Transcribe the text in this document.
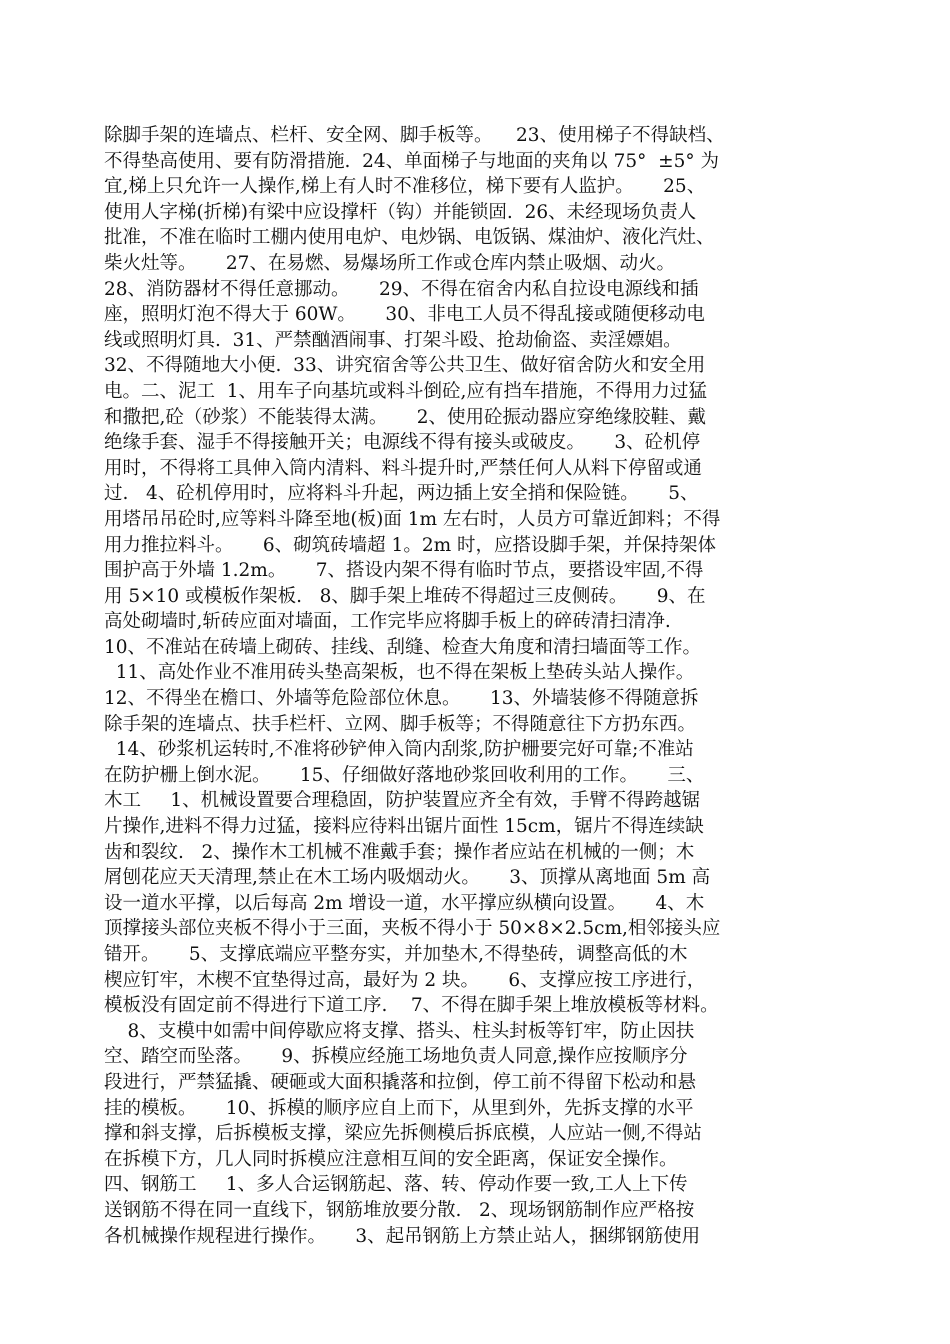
除脚手架的连墙点、栏杆、安全网、脚手板等。    23、使用梯子不得缺档、
不得垫高使用、要有防滑措施.  24、单面梯子与地面的夹角以 75°  ±5° 为
宜,梯上只允许一人操作,梯上有人时不准移位，梯下要有人监护。     25、
使用人字梯(折梯)有梁中应设撑杆（钩）并能锁固.  26、未经现场负责人
批准，不准在临时工棚内使用电炉、电炒锅、电饭锅、煤油炉、液化汽灶、
柴火灶等。     27、在易燃、易爆场所工作或仓库内禁止吸烟、动火。
28、消防器材不得任意挪动。     29、不得在宿舍内私自拉设电源线和插
座，照明灯泡不得大于 60W。     30、非电工人员不得乱接或随便移动电
线或照明灯具.  31、严禁酗酒闹事、打架斗殴、抢劫偷盗、卖淫嫖娼。
32、不得随地大小便.  33、讲究宿舍等公共卫生、做好宿舍防火和安全用
电。二、泥工  1、用车子向基坑或料斗倒砼,应有挡车措施，不得用力过猛
和撒把,砼（砂浆）不能装得太满。     2、使用砼振动器应穿绝缘胶鞋、戴
绝缘手套、湿手不得接触开关；电源线不得有接头或破皮。     3、砼机停
用时，不得将工具伸入筒内清料、料斗提升时,严禁任何人从料下停留或通
过.   4、砼机停用时，应将料斗升起，两边插上安全捎和保险链。     5、
用塔吊吊砼时,应等料斗降至地(板)面 1m 左右时，人员方可靠近卸料；不得
用力推拉料斗。     6、砌筑砖墙超 1。2m 时，应搭设脚手架，并保持架体
围护高于外墙 1.2m。     7、搭设内架不得有临时节点，要搭设牢固,不得
用 5×10 或模板作架板.   8、脚手架上堆砖不得超过三皮侧砖。     9、在
高处砌墙时,斩砖应面对墙面，工作完毕应将脚手板上的碎砖清扫清净.
10、不准站在砖墙上砌砖、挂线、刮缝、检查大角度和清扫墙面等工作。
11、高处作业不准用砖头垫高架板，也不得在架板上垫砖头站人操作。
12、不得坐在檐口、外墙等危险部位休息。     13、外墙装修不得随意拆
除手架的连墙点、扶手栏杆、立网、脚手板等；不得随意往下方扔东西。
14、砂浆机运转时,不准将砂铲伸入筒内刮浆,防护栅要完好可靠;不准站
在防护栅上倒水泥。     15、仔细做好落地砂浆回收利用的工作。     三、
木工     1、机械设置要合理稳固，防护装置应齐全有效，手臂不得跨越锯
片操作,进料不得力过猛，接料应待料出锯片面性 15cm，锯片不得连续缺
齿和裂纹.   2、操作木工机械不准戴手套；操作者应站在机械的一侧；木
屑刨花应天天清理,禁止在木工场内吸烟动火。     3、顶撑从离地面 5m 高
设一道水平撑，以后每高 2m 增设一道，水平撑应纵横向设置。     4、木
顶撑接头部位夹板不得小于三面，夹板不得小于 50×8×2.5cm,相邻接头应
错开。     5、支撑底端应平整夯实，并加垫木,不得垫砖，调整高低的木
楔应钉牢，木楔不宜垫得过高，最好为 2 块。     6、支撑应按工序进行，
模板没有固定前不得进行下道工序.    7、不得在脚手架上堆放模板等材料。
8、支模中如需中间停歇应将支撑、搭头、柱头封板等钉牢，防止因扶
空、踏空而坠落。     9、拆模应经施工场地负责人同意,操作应按顺序分
段进行，严禁猛撬、硬砸或大面积撬落和拉倒，停工前不得留下松动和悬
挂的模板。     10、拆模的顺序应自上而下，从里到外，先拆支撑的水平
撑和斜支撑，后拆模板支撑，梁应先拆侧模后拆底模，人应站一侧,不得站
在拆模下方，几人同时拆模应注意相互间的安全距离，保证安全操作。
四、钢筋工     1、多人合运钢筋起、落、转、停动作要一致,工人上下传
送钢筋不得在同一直线下，钢筋堆放要分散.   2、现场钢筋制作应严格按
各机械操作规程进行操作。     3、起吊钢筋上方禁止站人，捆绑钢筋使用
